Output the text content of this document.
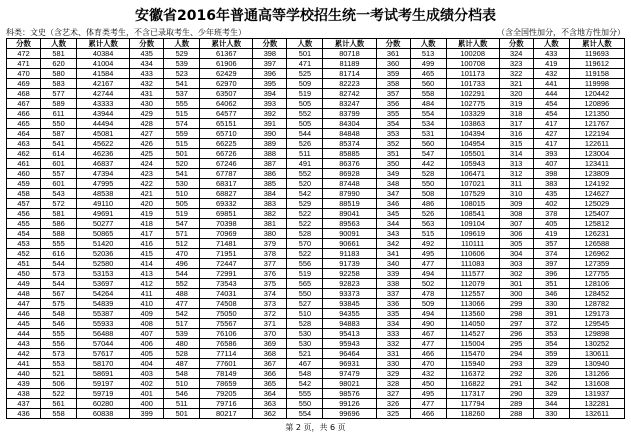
安徽省2016年普通高等学校招生统一考试考生成绩分档表
科类：文史（含艺术、体育类考生，不含已录取考生、少年班考生）	（含全国性加分，不含地方性加分）
分数	人数	累计人数	分数	人数	累计人数	分数	人数	累计人数	分数	人数	累计人数	分数	人数	累计人数
472	581	40384	435	529	61367	398	501	80718	361	513	100208	324	433	119693
471	620	41004	434	539	61906	397	471	81189	360	499	100708	323	419	119612
470	580	41584	433	523	62429	396	525	81714	359	465	101173	322	432	119158
469	583	42167	432	541	62970	395	509	82223	358	560	101733	321	441	119998
468	577	42744	431	537	63507	394	519	82742	357	558	102291	320	444	120442
467	589	43333	430	555	64062	393	505	83247	356	484	102775	319	454	120896
466	611	43944	429	515	64577	392	552	83799	355	554	103329	318	454	121350
465	550	44494	428	574	65151	391	505	84304	354	534	103863	317	417	121767
464	587	45081	427	559	65710	390	544	84848	353	531	104394	316	427	122194
463	541	45622	426	515	66225	389	526	85374	352	560	104954	315	417	122611
462	614	46236	425	501	66726	388	511	85885	351	547	105501	314	393	123004
461	601	46837	424	520	67246	387	491	86376	350	442	105943	313	407	123411
460	557	47394	423	541	67787	386	552	86928	349	528	106471	312	398	123809
459	601	47995	422	530	68317	385	520	87448	348	550	107021	311	383	124192
458	543	48538	421	510	68827	384	542	87990	347	508	107529	310	435	124627
457	572	49110	420	505	69332	383	529	88519	346	486	108015	309	402	125029
456	581	49691	419	519	69851	382	522	89041	345	526	108541	308	378	125407
455	586	50277	418	547	70398	381	522	89563	344	563	109104	307	405	125812
454	588	50865	417	571	70969	380	528	90091	343	515	109619	306	419	126231
453	555	51420	416	512	71481	379	570	90661	342	492	110111	305	357	126588
452	616	52036	415	470	71951	378	522	91183	341	495	110606	304	374	126962
451	544	52580	414	496	72447	377	556	91739	340	477	111083	303	397	127359
450	573	53153	413	544	72991	376	519	92258	339	494	111577	302	396	127755
449	544	53697	412	552	73543	375	565	92823	338	502	112079	301	351	128106
448	567	54264	411	488	74031	374	550	93373	337	478	112557	300	346	128452
447	575	54839	410	477	74508	373	527	93845	336	509	113066	299	330	128782
446	548	55387	409	542	75050	372	510	94355	335	494	113560	298	391	129173
445	546	55933	408	517	75567	371	528	94883	334	490	114050	297	372	129545
444	555	56488	407	539	76106	370	530	95413	333	467	114527	296	353	129898
443	556	57044	406	480	76586	369	530	95943	332	477	115004	295	354	130252
442	573	57617	405	528	77114	368	521	96464	331	466	115470	294	359	130611
441	553	58170	404	487	77601	367	467	96931	330	470	115940	293	329	130940
440	521	58691	403	548	78149	366	548	97479	329	432	116372	292	326	131266
439	506	59197	402	510	78659	365	542	98021	328	450	116822	291	342	131608
438	522	59719	401	546	79205	364	555	98576	327	495	117317	290	329	131937
437	561	60280	400	511	79716	363	550	99126	326	477	117794	289	344	132281
436	558	60838	399	501	80217	362	554	99696	325	466	118260	288	330	132611
第 2 页，共 6 页
